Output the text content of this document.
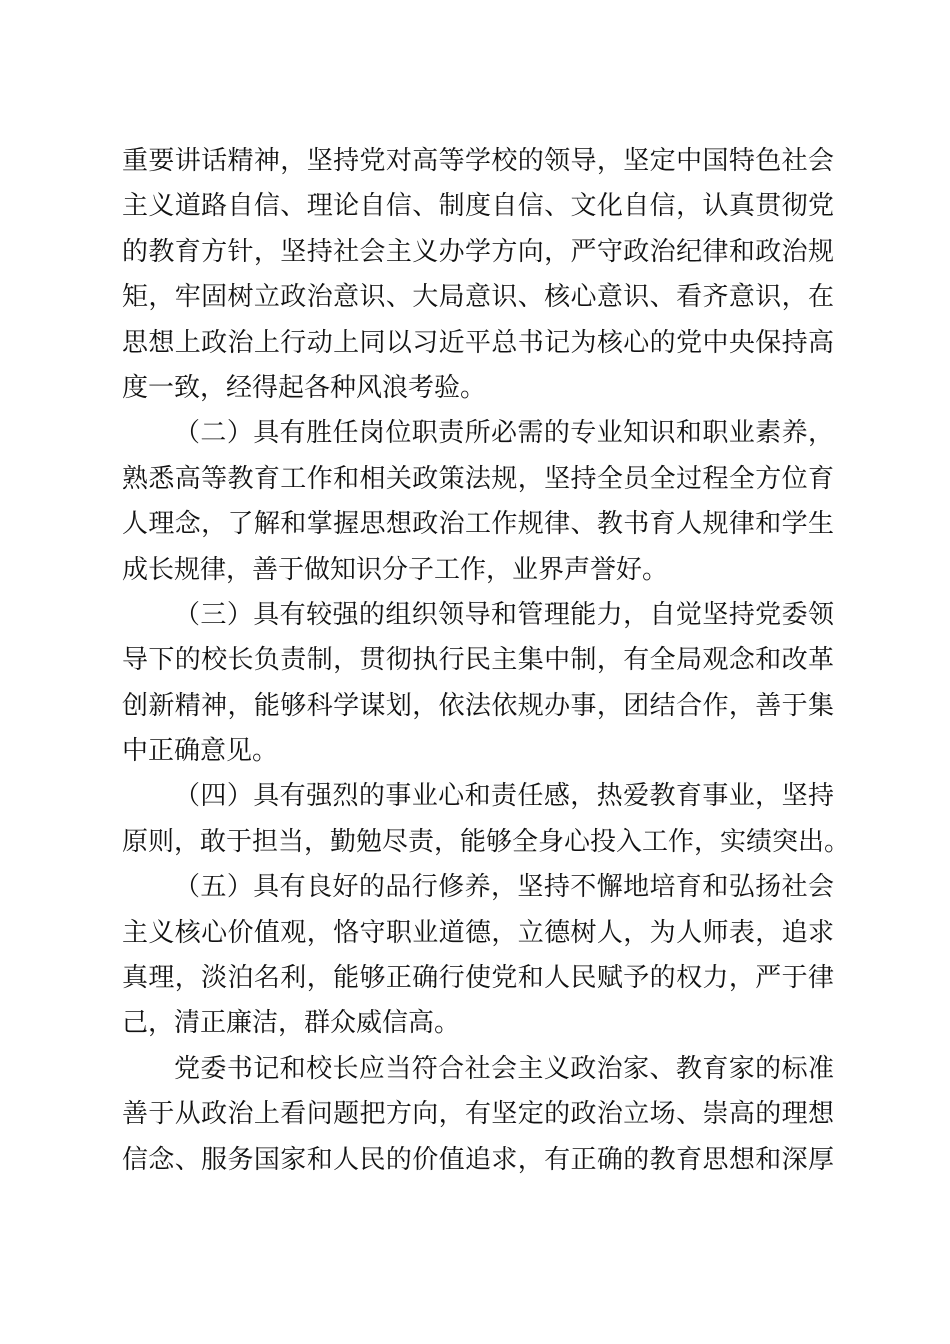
重要讲话精神，坚持党对高等学校的领导，坚定中国特色社会
主义道路自信、理论自信、制度自信、文化自信，认真贯彻党
的教育方针，坚持社会主义办学方向，严守政治纪律和政治规
矩，牢固树立政治意识、大局意识、核心意识、看齐意识，在
思想上政治上行动上同以习近平总书记为核心的党中央保持高
度一致，经得起各种风浪考验。
（二）具有胜任岗位职责所必需的专业知识和职业素养，
熟悉高等教育工作和相关政策法规，坚持全员全过程全方位育
人理念，了解和掌握思想政治工作规律、教书育人规律和学生
成长规律，善于做知识分子工作，业界声誉好。
（三）具有较强的组织领导和管理能力，自觉坚持党委领
导下的校长负责制，贯彻执行民主集中制，有全局观念和改革
创新精神，能够科学谋划，依法依规办事，团结合作，善于集
中正确意见。
（四）具有强烈的事业心和责任感，热爱教育事业，坚持
原则，敢于担当，勤勉尽责，能够全身心投入工作，实绩突出。
（五）具有良好的品行修养，坚持不懈地培育和弘扬社会
主义核心价值观，恪守职业道德，立德树人，为人师表，追求
真理，淡泊名利，能够正确行使党和人民赋予的权力，严于律
己，清正廉洁，群众威信高。
党委书记和校长应当符合社会主义政治家、教育家的标准
善于从政治上看问题把方向，有坚定的政治立场、崇高的理想
信念、服务国家和人民的价值追求，有正确的教育思想和深厚
